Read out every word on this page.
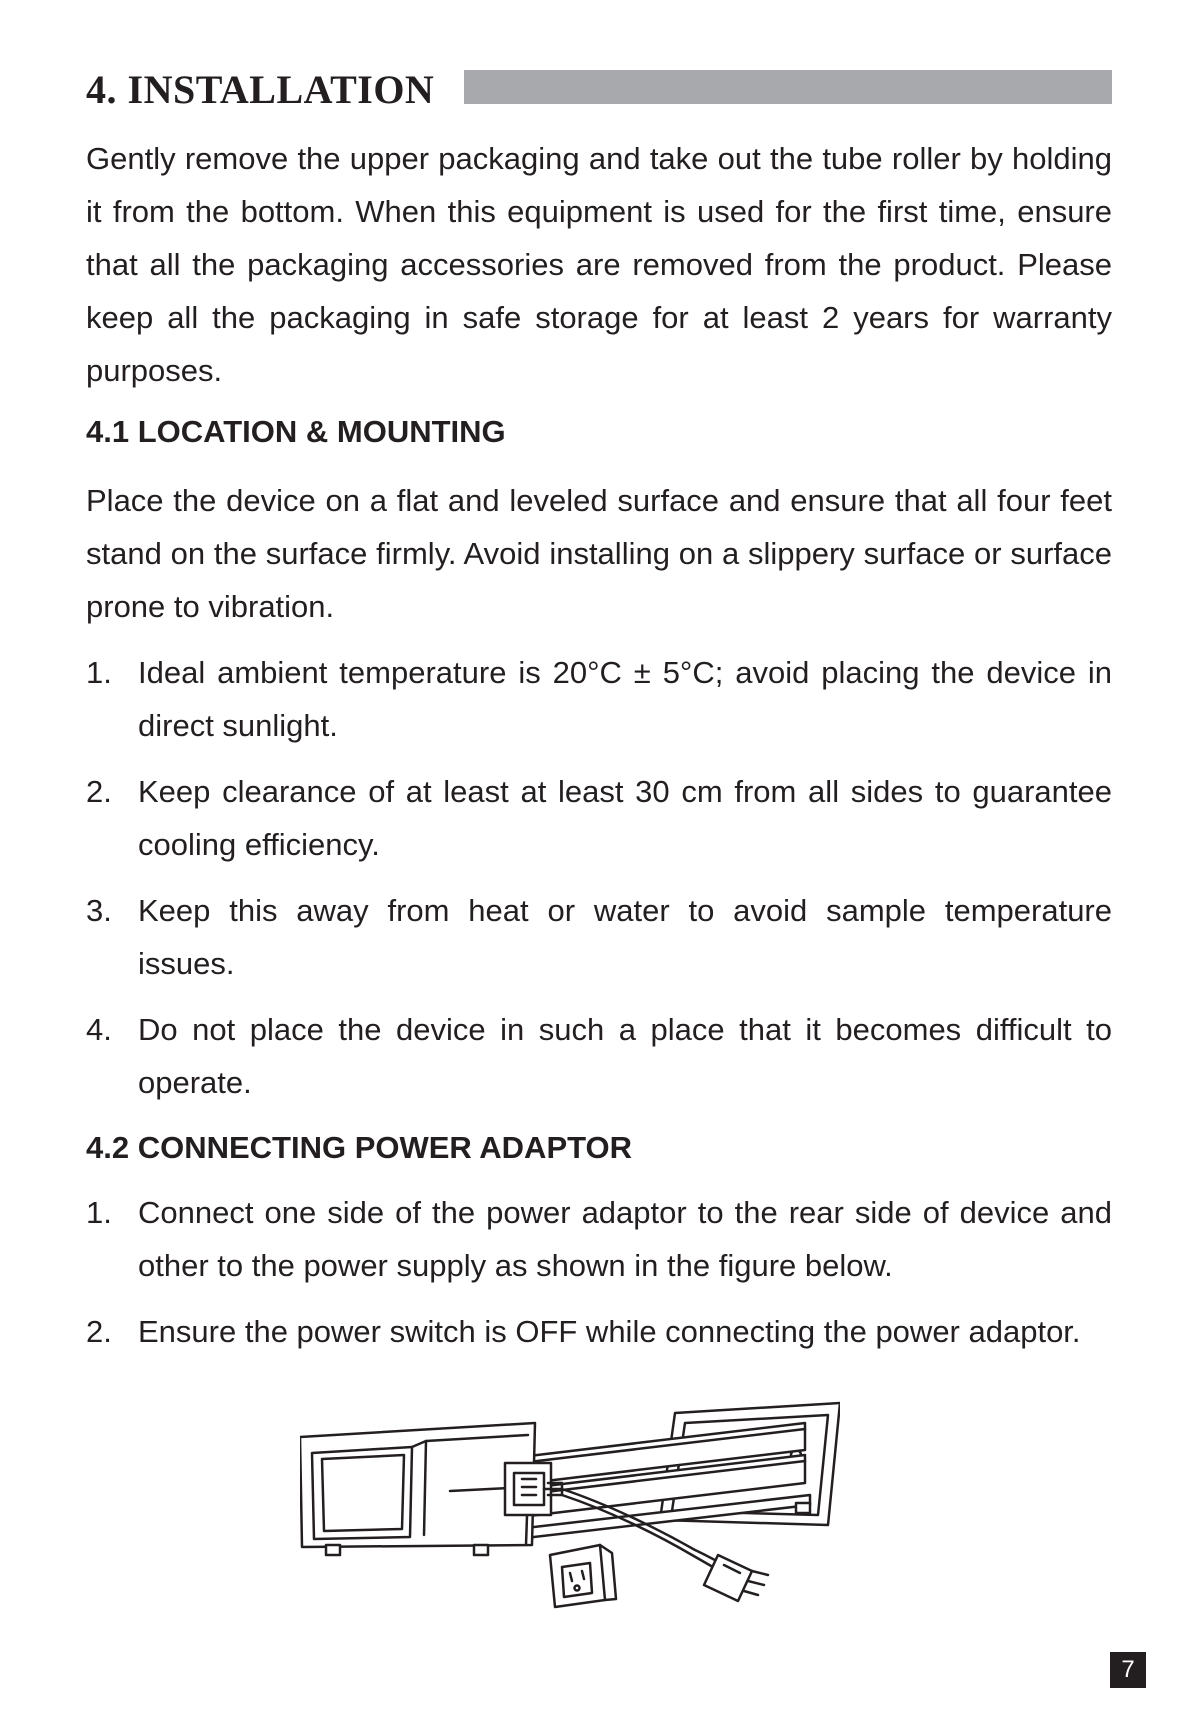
4. INSTALLATION

Gently remove the upper packaging and take out the tube roller by holding it from the bottom. When this equipment is used for the first time, ensure that all the packaging accessories are removed from the product. Please keep all the packaging in safe storage for at least 2 years for warranty purposes.

4.1 LOCATION & MOUNTING

Place the device on a flat and leveled surface and ensure that all four feet stand on the surface firmly. Avoid installing on a slippery surface or surface prone to vibration.

1. Ideal ambient temperature is 20°C ± 5°C; avoid placing the device in direct sunlight.
2. Keep clearance of at least at least 30 cm from all sides to guarantee cooling efficiency.
3. Keep this away from heat or water to avoid sample temperature issues.
4. Do not place the device in such a place that it becomes difficult to operate.

4.2 CONNECTING POWER ADAPTOR

1. Connect one side of the power adaptor to the rear side of device and other to the power supply as shown in the figure below.
2. Ensure the power switch is OFF while connecting the power adaptor.
7
